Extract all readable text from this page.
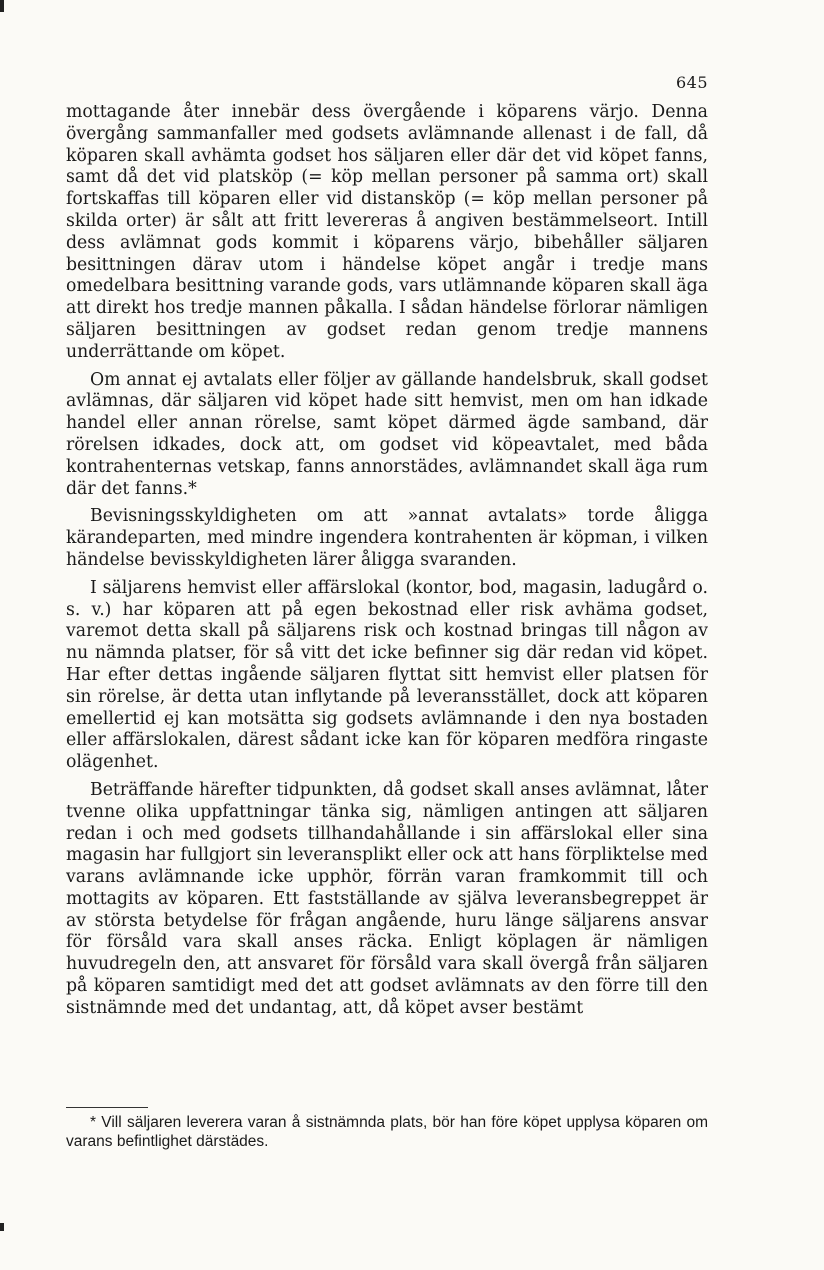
645

mottagande åter innebär dess övergående i köparens värjo. Denna övergång sammanfaller med godsets avlämnande allenast i de fall, då köparen skall avhämta godset hos säljaren eller där det vid köpet fanns, samt då det vid platsköp (= köp mellan personer på samma ort) skall fortskaffas till köparen eller vid distansköp (= köp mellan personer på skilda orter) är sålt att fritt levereras å angiven bestämmelseort. Intill dess avlämnat gods kommit i köparens värjo, bibehåller säljaren besittningen därav utom i händelse köpet angår i tredje mans omedelbara besittning varande gods, vars utlämnande köparen skall äga att direkt hos tredje mannen påkalla. I sådan händelse förlorar nämligen säljaren besittningen av godset redan genom tredje mannens underrättande om köpet.

Om annat ej avtalats eller följer av gällande handelsbruk, skall godset avlämnas, där säljaren vid köpet hade sitt hemvist, men om han idkade handel eller annan rörelse, samt köpet därmed ägde samband, där rörelsen idkades, dock att, om godset vid köpeavtalet, med båda kontrahenternas vetskap, fanns annorstädes, avlämnandet skall äga rum där det fanns.*

Bevisningsskyldigheten om att »annat avtalats» torde åligga kärandeparten, med mindre ingendera kontrahenten är köpman, i vilken händelse bevisskyldigheten lärer åligga svaranden.

I säljarens hemvist eller affärslokal (kontor, bod, magasin, ladugård o. s. v.) har köparen att på egen bekostnad eller risk avhäma godset, varemot detta skall på säljarens risk och kostnad bringas till någon av nu nämnda platser, för så vitt det icke befinner sig där redan vid köpet. Har efter dettas ingående säljaren flyttat sitt hemvist eller platsen för sin rörelse, är detta utan inflytande på leveransstället, dock att köparen emellertid ej kan motsätta sig godsets avlämnande i den nya bostaden eller affärslokalen, därest sådant icke kan för köparen medföra ringaste olägenhet.

Beträffande härefter tidpunkten, då godset skall anses avlämnat, låter tvenne olika uppfattningar tänka sig, nämligen antingen att säljaren redan i och med godsets tillhandahållande i sin affärslokal eller sina magasin har fullgjort sin leveransplikt eller ock att hans förpliktelse med varans avlämnande icke upphör, förrän varan framkommit till och mottagits av köparen. Ett fastställande av själva leveransbegreppet är av största betydelse för frågan angående, huru länge säljarens ansvar för försåld vara skall anses räcka. Enligt köplagen är nämligen huvudregeln den, att ansvaret för försåld vara skall övergå från säljaren på köparen samtidigt med det att godset avlämnats av den förre till den sistnämnde med det undantag, att, då köpet avser bestämt

* Vill säljaren leverera varan å sistnämnda plats, bör han före köpet upplysa köparen om varans befintlighet därstädes.
